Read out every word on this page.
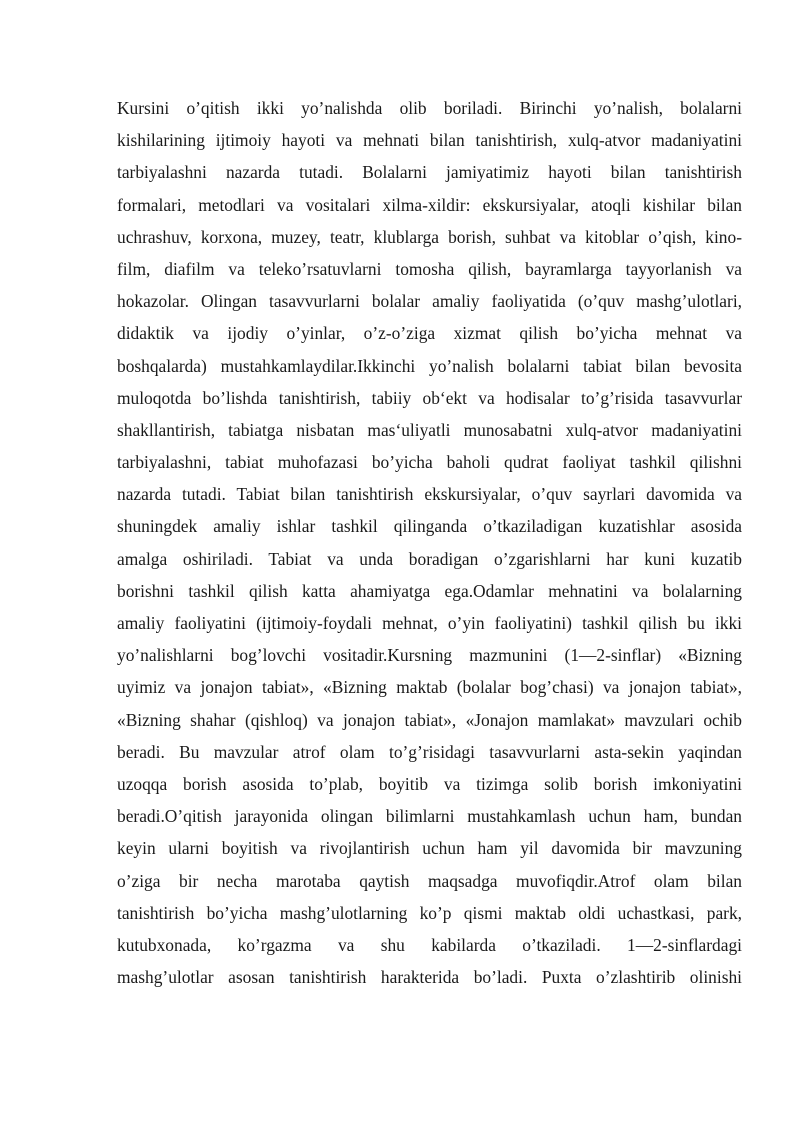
Kursini o’qitish ikki yo’nalishda olib boriladi. Birinchi yo’nalish, bolalarni
kishilarining ijtimoiy hayoti va mehnati bilan tanishtirish, xulq-atvor madaniyatini
tarbiyalashni nazarda tutadi. Bolalarni jamiyatimiz hayoti bilan tanishtirish
formalari, metodlari va vositalari xilma-xildir: ekskursiyalar, atoqli kishilar bilan
uchrashuv, korxona, muzey, teatr, klublarga borish, suhbat va kitoblar o’qish, kino-
film, diafilm va teleko’rsatuvlarni tomosha qilish, bayramlarga tayyorlanish va
hokazolar. Olingan tasavvurlarni bolalar amaliy faoliyatida (o’quv mashg’ulotlari,
didaktik va ijodiy o’yinlar, o’z-o’ziga xizmat qilish bo’yicha mehnat va
boshqalarda) mustahkamlaydilar.Ikkinchi yo’nalish bolalarni tabiat bilan bevosita
muloqotda bo’lishda tanishtirish, tabiiy ob‘ekt va hodisalar to’g’risida tasavvurlar
shakllantirish, tabiatga nisbatan mas‘uliyatli munosabatni xulq-atvor madaniyatini
tarbiyalashni, tabiat muhofazasi bo’yicha baholi qudrat faoliyat tashkil qilishni
nazarda tutadi. Tabiat bilan tanishtirish ekskursiyalar, o’quv sayrlari davomida va
shuningdek amaliy ishlar tashkil qilinganda o’tkaziladigan kuzatishlar asosida
amalga oshiriladi. Tabiat va unda boradigan o’zgarishlarni har kuni kuzatib
borishni tashkil qilish katta ahamiyatga ega.Odamlar mehnatini va bolalarning
amaliy faoliyatini (ijtimoiy-foydali mehnat, o’yin faoliyatini) tashkil qilish bu ikki
yo’nalishlarni bog’lovchi vositadir.Kursning mazmunini (1—2-sinflar) «Bizning
uyimiz va jonajon tabiat», «Bizning maktab (bolalar bog’chasi) va jonajon tabiat»,
«Bizning shahar (qishloq) va jonajon tabiat», «Jonajon mamlakat» mavzulari ochib
beradi. Bu mavzular atrof olam to’g’risidagi tasavvurlarni asta-sekin yaqindan
uzoqqa borish asosida to’plab, boyitib va tizimga solib borish imkoniyatini
beradi.O’qitish jarayonida olingan bilimlarni mustahkamlash uchun ham, bundan
keyin ularni boyitish va rivojlantirish uchun ham yil davomida bir mavzuning
o’ziga bir necha marotaba qaytish maqsadga muvofiqdir.Atrof olam bilan
tanishtirish bo’yicha mashg’ulotlarning ko’p qismi maktab oldi uchastkasi, park,
kutubxonada, ko’rgazma va shu kabilarda o’tkaziladi. 1—2-sinflardagi
mashg’ulotlar asosan tanishtirish harakterida bo’ladi. Puxta o’zlashtirib olinishi
